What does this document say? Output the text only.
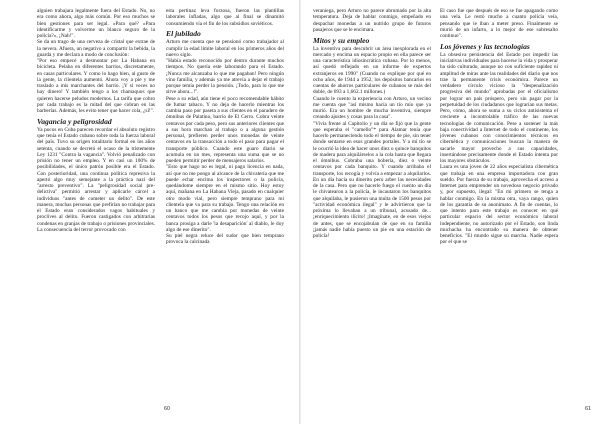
alguien trabajara legalmente fuera del Estado. No, no era como ahora, algo más común. Por eso muchos se bien gestiones para ser legal. «Para qué? «Para identificarme y volverme un blanco seguro de la policía?», ¡Nah!".

Se da un trago de una cerveza de cristal que extrae de la nevera. Afuera, un negativo a compartir la bebida, la guarda y me declara a modo de conclusión:

"Por eso empecé a desmontar por La Habana en bicicleta. Pelaba en diferentes barrios, discretamente, en casas particulares. Y como lo hago bien, al gusto de la gente, la clientela aumentó. Ahora voy a pie y me traslado a mis marchantes del barrio. ¡Y si veces no hay dinero! Y también tengo a los chamaquos que quieren hacerse peludos modernos. La tarifa que cobro por cada trabajo es la mitad del que cobran en las barberías. Además, les evito tener que hacer cola, ¿sí!".

Vagancia y peligrosidad

Ya pocos en Cuba parecen recordar el absoluto registro que tenía el Estado cubano sobre toda la fuerza laboral del país. Tuvo su origen totalitario formal en los años setenta, cuando se decretó el ocaso de la tristemente Ley 1231 "Contra la vagancia". Volvió penalizado con prisión no tener un empleo. Y en casi un 100% de posibilidades, el único patrón posible era el Estado. Con posterioridad, una continua política represiva la apertó algo muy semejante a la práctica nazi del "arresto preventivo". La "peligrosidad social pre-delictiva" permitió arrestar y aplicarle cárcel a individuos "antes de cometer un delito". De este manera, muchas personas que prefirían no trabajar para el Estado eran considerados vagos habituales y proclives al delito. Fueron castigados con arbitrarias condenas en granjas de trabajo o prisiones provinciales. La consecuencia del terror provocado con

esta pertinaz leva forzosa, fueron las plantillas laborales infladas, algo que al final se dinamitó consumiendo vía el fin de los subsidios soviéticos.

El jubilado

Arturo me cuenta que se pensionó como trabajador al cumplir la edad límite laboral en los primeros años del nuevo siglo.

"Había estado reconocido por dentro durante muchos tiempos. No quería este laborando para el Estado. ¡Nunca me alcanzaba lo que me pagaban! Pero ningún vino familia, y además ya me atrevía a dejar el trabajo porque temía perder la pensión. ¡Todo, para lo que me sirve ahora...!".

Pese a su edad, aún tiene el poco recomendable hábito de fumar tabaco. Y no deja de hacerlo mientras los cambia paso por paseta a sus clientes en el paradero de ómnibus de Palatino, barrio de El Cerro. Cobra veinte centavos por cada peso, pero sus anteriores clientes que a sus hora marchan al trabajo o a alguna gestión personal, prefieren perder unos monedas de veinte centavos en la transacción a todo el paso para pagar el transporte público. Cuando este guaro diario se acumula en un mes, representa una suma que se no pueden permitir perder de mensajeros salarios.

"Esto que hago no es legal, ni pago licencia en nada, así que no me pongo al alcance de la chivatería que me puede echar encima los inspectores o la policía, quedándome siempre en el mismo sitio. Hoy estoy aquí, mañana en La Habana Vieja, pasado en cualquier otro modo vial, pero siempre temprano para mi clientela que va para su trabajo. Tengo una relación en un banco que me cambia por monedas de veinte centavos todos los pesos que recojo aquí, y por la banca prosiga a darle 'la desaparición' al diablo, le doy algo de ese dinerito".

Su piel negra reluce del sudor que bien temprano provoca la calcinada

60

veraniega, pero Arturo no parece abrumado por la alta temperatura. Deja de hablar conmigo, empeñado en despachar monedas a un nutrido grupo de futuros pasajeros que se le encimara.

Mitos y su empleo

La inventiva para descubrir un área inexplorada en el mercado y encima un espacio propio en ella parece ser una característica idiosincrática cubana. Por lo menos, así quedó reflejado en un informe de expertos extranjeros en 1990" (Cuando no explique por qué en ocho años, de 1944 a 1952, los depósitos bancarios en cuentas de ahorros particulares de cubanos se más del doble, de 693 a 1,662.1 millones.)

Cuando le cuento la experiencia con Arturo, un vecino me cuenta que "así mismo hacía un tío mío que ya murió. Era un hombre de mucha inventiva, siempre creando ajustes y cosas para la casa".

"Vivía frente al Capitolio y un día se fijó que la gente que esperaba el "camello"* para Alamar tenía que hacerlo permaneciendo todo el tiempo de pie, sin tener donde sentarse en esos grandes portales. Y a mí tío se le ocurrió la idea de hacer unos diez o quince banquitos de madera para alquilárselos a la cola hasta que llegara el ómnibus. Cobraba una bobería, diez o veinte centavos por cada banquito. Y cuando arribaba el transporte, los recogía y volvía a empezar a alquilarlos. En un día hacía su dinerito pero arber las necesidades de la casa. Pero que no hacerle fuego el cuento un día le chivatearon a la policía, le incautaron los banquitos que alquilaba, le pusieron una multa de 1500 pesos por "actividad económica ilegal" y le advirtieron que la próxima lo llevaban a un tribunal, acusado de... ¡enriquecimiento ilícito! ¡Imagínate, en de esos viejos de antes, que se encojabulan de que en su familia ¡jamás nadie había puesto un pie en una estación de policía!

El caso fue que después de eso se fue apagando como una vela. Le restó mucho a cuanto policía veía, pensando que le iban a meter preso. Finalmente se murió de un infarto, a lo mejor de ese sobresalto continuo".

Los jóvenes y las tecnologías

La obsesiva persistencia del Estado por impedir las iniciativas individuales para hacerse la vida y prosperar ha sido culturado, aunque no con suficiente rapidez ni amplitud de miras ante las realidades del diario que nos trae la permanente crisis económica. Parece un verdadero círculo vicioso la "despenalización progresiva del mundo" aprobadas por el oficialismo por lograr un país próspero, pero sin pagar por la perpetuidad de los ciudadanos que lograrían sus metas. Pero, cómo, ahora se suma a su ciclos antisistema el creciente a incontrolable tráfico de las nuevas tecnologías de comunicación. Pese a sostener la más baja conectividad a Internet de todo el continente, los jóvenes cubanos con conocimientos técnicos en cibernética y comunicaciones buscan la manera de sacarle mayor provecho a sus capacidades, insertándose precisamente donde el Estado intenta por los mayores obstáculos.

Laura es una joven de 22 años especialista cibernética que trabaja en una empresa importadora con gran sueldo. Por fuerza de su trabajo, aprovecha el acceso a Internet para emprender un novedoso negocio privado y, por supuesto, ilegal: "En mi primero se tenga a hablar conmigo. En la misma otra, vaya rango, quien de los garantía de su anonimato. A fin de cuentas, lo que intento para este trabajo es conocer en qué particular espacio del sector económico laboral independiente, no autorizado por el Estado, son linda muchacha ha encontrado su manera de obtener beneficios. "El mundo sigue su marcha. Nadie espera por el que se

61
